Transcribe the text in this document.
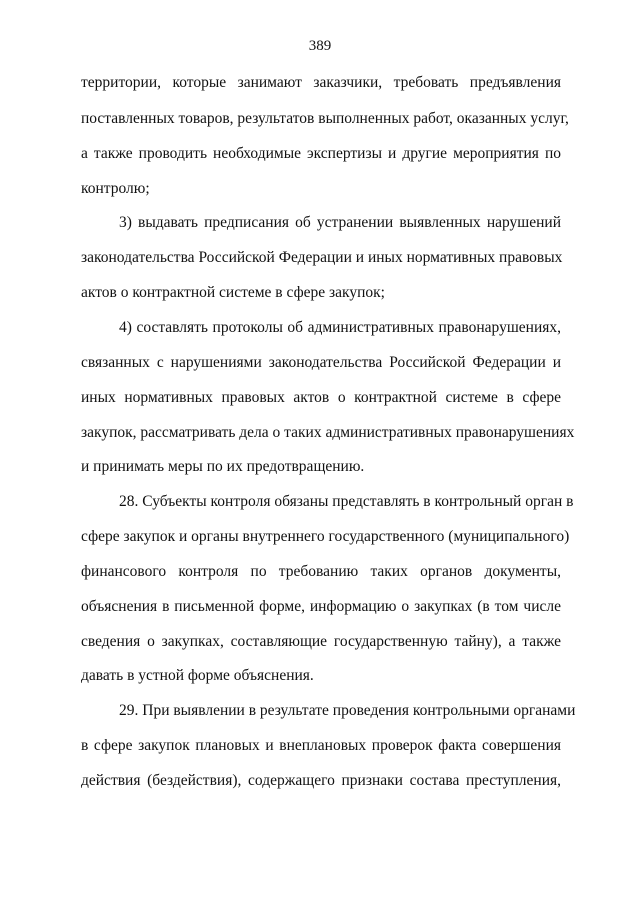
389
территории, которые занимают заказчики, требовать предъявления
поставленных товаров, результатов выполненных работ, оказанных услуг,
а также проводить необходимые экспертизы и другие мероприятия по
контролю;
3) выдавать предписания об устранении выявленных нарушений
законодательства Российской Федерации и иных нормативных правовых
актов о контрактной системе в сфере закупок;
4) составлять протоколы об административных правонарушениях,
связанных с нарушениями законодательства Российской Федерации и
иных нормативных правовых актов о контрактной системе в сфере
закупок, рассматривать дела о таких административных правонарушениях
и принимать меры по их предотвращению.
28. Субъекты контроля обязаны представлять в контрольный орган в
сфере закупок и органы внутреннего государственного (муниципального)
финансового контроля по требованию таких органов документы,
объяснения в письменной форме, информацию о закупках (в том числе
сведения о закупках, составляющие государственную тайну), а также
давать в устной форме объяснения.
29. При выявлении в результате проведения контрольными органами
в сфере закупок плановых и внеплановых проверок факта совершения
действия (бездействия), содержащего признаки состава преступления,
